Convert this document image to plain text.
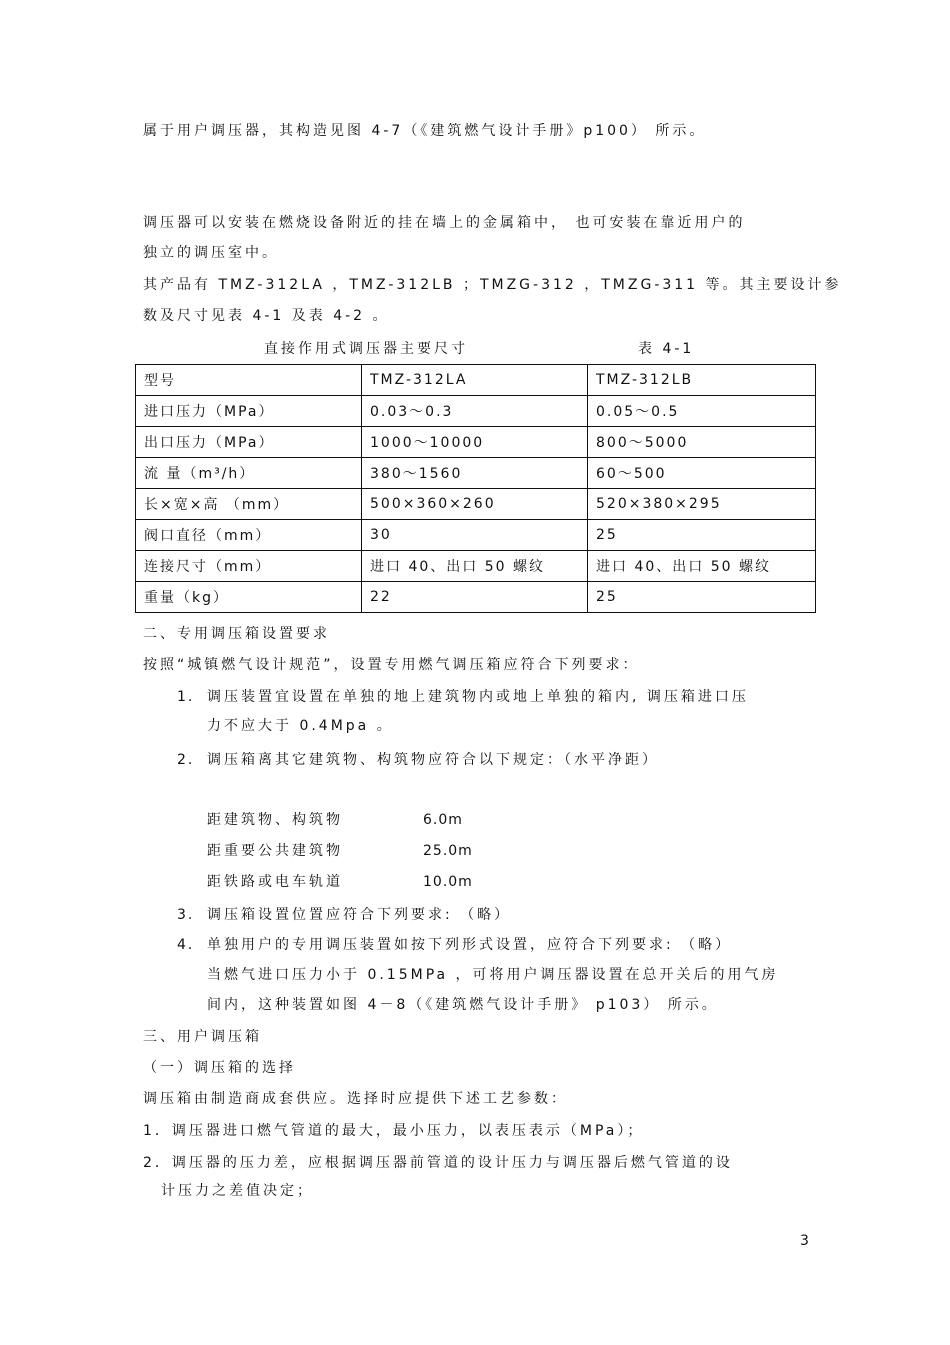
属于用户调压器，其构造见图 4-7（《建筑燃气设计手册》p100） 所示。
调压器可以安装在燃烧设备附近的挂在墙上的金属箱中， 也可安装在靠近用户的
独立的调压室中。
其产品有 TMZ-312LA ，TMZ-312LB ；TMZG-312 ，TMZG-311 等。其主要设计参
数及尺寸见表 4-1 及表 4-2 。
直接作用式调压器主要尺寸	表 4-1
型号	TMZ-312LA	TMZ-312LB
进口压力（MPa）	0.03～0.3	0.05～0.5
出口压力（MPa）	1000～10000	800～5000
流 量（m³/h）	380～1560	60～500
长×宽×高 （mm）	500×360×260	520×380×295
阀口直径（mm）	30	25
连接尺寸（mm）	进口 40、出口 50 螺纹	进口 40、出口 50 螺纹
重量（kg）	22	25
二、专用调压箱设置要求
按照“城镇燃气设计规范”，设置专用燃气调压箱应符合下列要求：
1. 调压装置宜设置在单独的地上建筑物内或地上单独的箱内, 调压箱进口压
力不应大于 0.4Mpa 。
2. 调压箱离其它建筑物、构筑物应符合以下规定：（水平净距）
距建筑物、构筑物	6.0m
距重要公共建筑物	25.0m
距铁路或电车轨道	10.0m
3. 调压箱设置位置应符合下列要求: （略）
4. 单独用户的专用调压装置如按下列形式设置，应符合下列要求: （略）
当燃气进口压力小于 0.15MPa ，可将用户调压器设置在总开关后的用气房
间内，这种装置如图 4－8（《建筑燃气设计手册》 p103） 所示。
三、用户调压箱
（一）调压箱的选择
调压箱由制造商成套供应。选择时应提供下述工艺参数：
1．调压器进口燃气管道的最大，最小压力，以表压表示（MPa）；
2．调压器的压力差，应根据调压器前管道的设计压力与调压器后燃气管道的设
计压力之差值决定；
3
